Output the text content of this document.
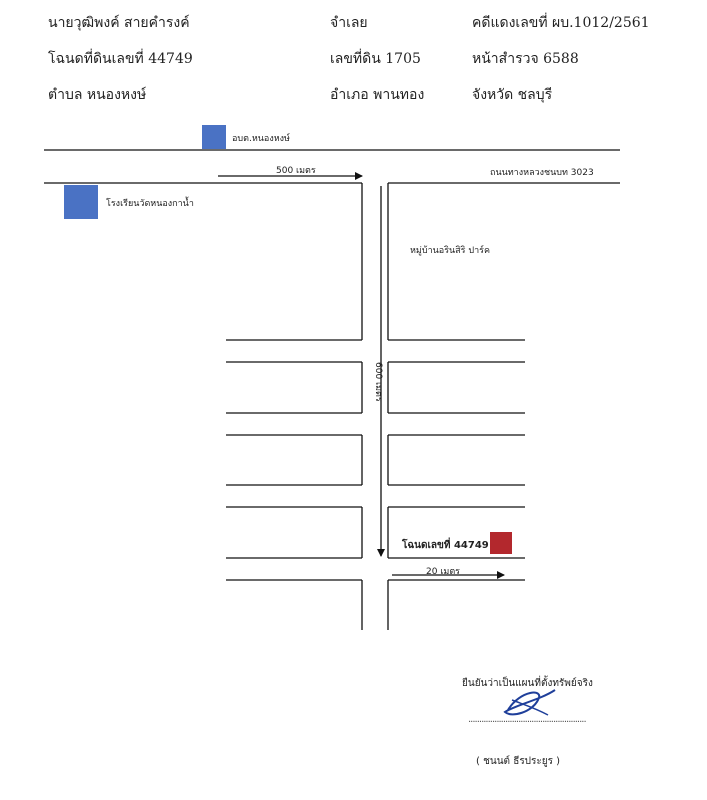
นายวุฒิพงค์ สายคำรงค์	จำเลย	คดีแดงเลขที่ ผบ.1012/2561
โฉนดที่ดินเลขที่ 44749	เลขที่ดิน 1705	หน้าสำรวจ 6588
ตำบล หนองหงษ์	อำเภอ พานทอง	จังหวัด ชลบุรี
600 เมตร
อบต.หนองหงษ์
โรงเรียนวัดหนองกาน้ำ
500 เมตร	ถนนทางหลวงชนบท 3023
หมู่บ้านอรินสิริ ปาร์ค
โฉนดเลขที่ 44749
20 เมตร
ยืนยันว่าเป็นแผนที่ตั้งทรัพย์จริง
......................................................
( ชนนต์ ธีรประยูร )
